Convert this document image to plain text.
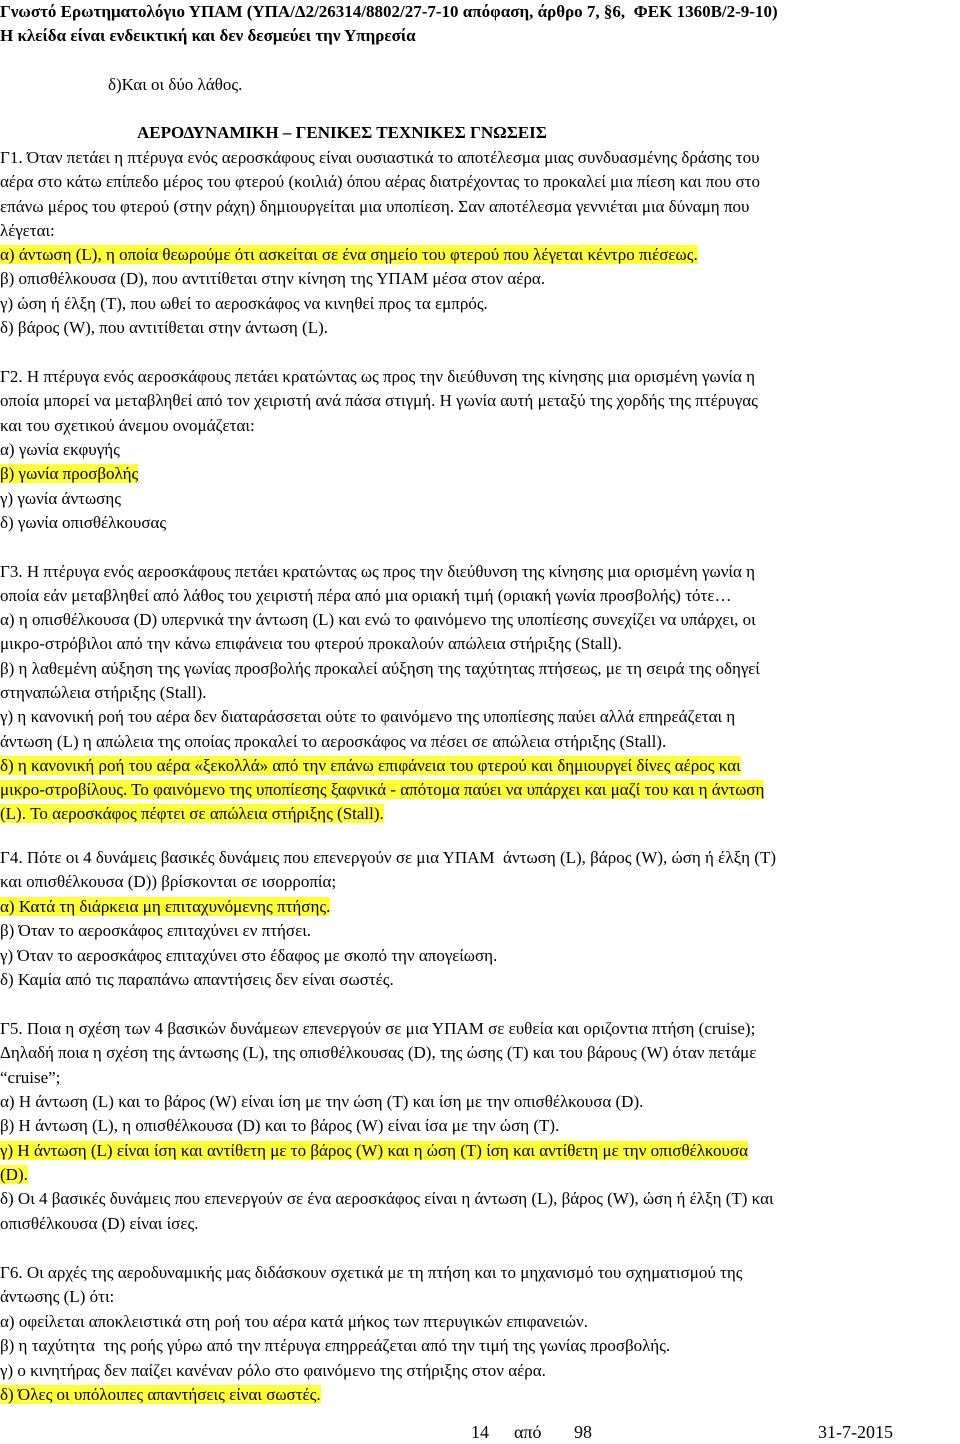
Γνωστό Ερωτηματολόγιο ΥΠΑΜ (ΥΠΑ/Δ2/26314/8802/27-7-10 απόφαση, άρθρο 7, §6,  ΦΕΚ 1360Β/2-9-10)
Η κλείδα είναι ενδεικτική και δεν δεσμεύει την Υπηρεσία
δ)Και οι δύο λάθος.
ΑΕΡΟΔΥΝΑΜΙΚΗ – ΓΕΝΙΚΕΣ ΤΕΧΝΙΚΕΣ ΓΝΩΣΕΙΣ
Γ1. Όταν πετάει η πτέρυγα ενός αεροσκάφους είναι ουσιαστικά το αποτέλεσμα μιας συνδυασμένης δράσης του
αέρα στο κάτω επίπεδο μέρος του φτερού (κοιλιά) όπου αέρας διατρέχοντας το προκαλεί μια πίεση και που στο
επάνω μέρος του φτερού (στην ράχη) δημιουργείται μια υποπίεση. Σαν αποτέλεσμα γεννιέται μια δύναμη που
λέγεται:
α) άντωση (L), η οποία θεωρούμε ότι ασκείται σε ένα σημείο του φτερού που λέγεται κέντρο πιέσεως.
β) οπισθέλκουσα (D), που αντιτίθεται στην κίνηση της ΥΠΑΜ μέσα στον αέρα.
γ) ώση ή έλξη (T), που ωθεί το αεροσκάφος να κινηθεί προς τα εμπρός.
δ) βάρος (W), που αντιτίθεται στην άντωση (L).
Γ2. Η πτέρυγα ενός αεροσκάφους πετάει κρατώντας ως προς την διεύθυνση της κίνησης μια ορισμένη γωνία η
οποία μπορεί να μεταβληθεί από τον χειριστή ανά πάσα στιγμή. Η γωνία αυτή μεταξύ της χορδής της πτέρυγας
και του σχετικού άνεμου ονομάζεται:
α) γωνία εκφυγής
β) γωνία προσβολής
γ) γωνία άντωσης
δ) γωνία οπισθέλκουσας
Γ3. Η πτέρυγα ενός αεροσκάφους πετάει κρατώντας ως προς την διεύθυνση της κίνησης μια ορισμένη γωνία η
οποία εάν μεταβληθεί από λάθος του χειριστή πέρα από μια οριακή τιμή (οριακή γωνία προσβολής) τότε…
α) η οπισθέλκουσα (D) υπερνικά την άντωση (L) και ενώ το φαινόμενο της υποπίεσης συνεχίζει να υπάρχει, οι
μικρο-στρόβιλοι από την κάνω επιφάνεια του φτερού προκαλούν απώλεια στήριξης (Stall).
β) η λαθεμένη αύξηση της γωνίας προσβολής προκαλεί αύξηση της ταχύτητας πτήσεως, με τη σειρά της οδηγεί
στηναπώλεια στήριξης (Stall).
γ) η κανονική ροή του αέρα δεν διαταράσσεται ούτε το φαινόμενο της υποπίεσης παύει αλλά επηρεάζεται η
άντωση (L) η απώλεια της οποίας προκαλεί το αεροσκάφος να πέσει σε απώλεια στήριξης (Stall).
δ) η κανονική ροή του αέρα «ξεκολλά» από την επάνω επιφάνεια του φτερού και δημιουργεί δίνες αέρος και
μικρο-στροβίλους. Το φαινόμενο της υποπίεσης ξαφνικά - απότομα παύει να υπάρχει και μαζί του και η άντωση
(L). Το αεροσκάφος πέφτει σε απώλεια στήριξης (Stall).
Γ4. Πότε οι 4 δυνάμεις βασικές δυνάμεις που επενεργούν σε μια ΥΠΑΜ  άντωση (L), βάρος (W), ώση ή έλξη (T)
και οπισθέλκουσα (D)) βρίσκονται σε ισορροπία;
α) Κατά τη διάρκεια μη επιταχυνόμενης πτήσης.
β) Όταν το αεροσκάφος επιταχύνει εν πτήσει.
γ) Όταν το αεροσκάφος επιταχύνει στο έδαφος με σκοπό την απογείωση.
δ) Καμία από τις παραπάνω απαντήσεις δεν είναι σωστές.
Γ5. Ποια η σχέση των 4 βασικών δυνάμεων επενεργούν σε μια ΥΠΑΜ σε ευθεία και οριζοντια πτήση (cruise);
Δηλαδή ποια η σχέση της άντωσης (L), της οπισθέλκουσας (D), της ώσης (T) και του βάρους (W) όταν πετάμε
“cruise”;
α) Η άντωση (L) και το βάρος (W) είναι ίση με την ώση (T) και ίση με την οπισθέλκουσα (D).
β) Η άντωση (L), η οπισθέλκουσα (D) και το βάρος (W) είναι ίσα με την ώση (T).
γ) Η άντωση (L) είναι ίση και αντίθετη με το βάρος (W) και η ώση (T) ίση και αντίθετη με την οπισθέλκουσα
(D).
δ) Οι 4 βασικές δυνάμεις που επενεργούν σε ένα αεροσκάφος είναι η άντωση (L), βάρος (W), ώση ή έλξη (T) και
οπισθέλκουσα (D) είναι ίσες.
Γ6. Οι αρχές της αεροδυναμικής μας διδάσκουν σχετικά με τη πτήση και το μηχανισμό του σχηματισμού της
άντωσης (L) ότι:
α) οφείλεται αποκλειστικά στη ροή του αέρα κατά μήκος των πτερυγικών επιφανειών.
β) η ταχύτητα  της ροής γύρω από την πτέρυγα επηρρεάζεται από την τιμή της γωνίας προσβολής.
γ) ο κινητήρας δεν παίζει κανέναν ρόλο στο φαινόμενο της στήριξης στον αέρα.
δ) Όλες οι υπόλοιπες απαντήσεις είναι σωστές.
14 από 98	31-7-2015
